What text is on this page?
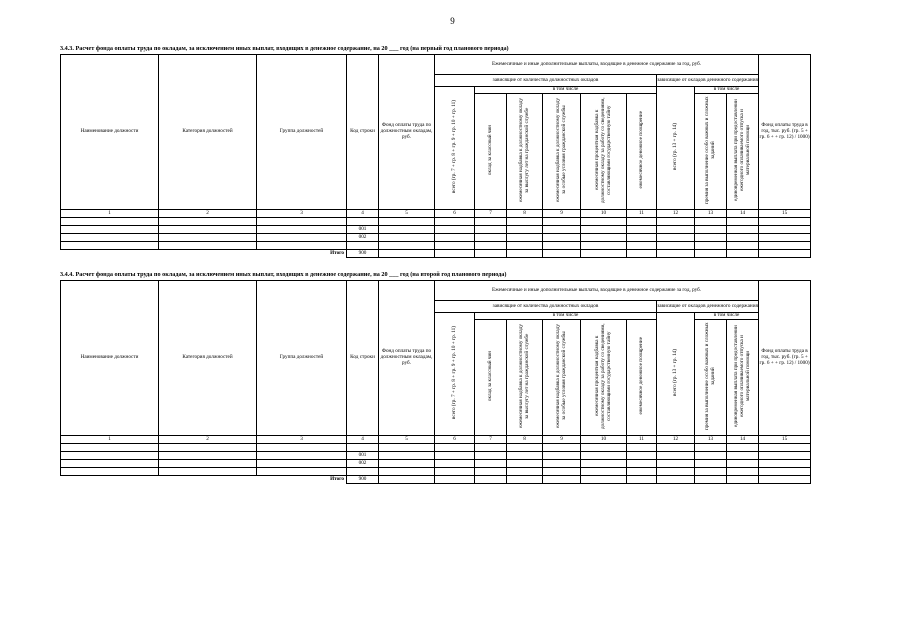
9
3.4.3. Расчет фонда оплаты труда по окладам, за исключением иных выплат, входящих в денежное содержание, на 20 ___ год (на первый год планового периода)
Наименование должности	Категория должностей	Группа должностей	Код строки	Фонд оплаты труда по должностным окладам, руб.	Ежемесячные и иные дополнительные выплаты, входящие в денежное содержание за год, руб.									Фонд оплаты труда в год, тыс. руб. (гр. 5 + гр. 6 + + гр. 12) / 1000)
					зависящие от количества должностных окладов						зависящие от окладов денежного содержания			
					всего (гр. 7 + гр. 8 + гр. 9 + гр. 10 + гр. 11)	в том числе					всего (гр. 13 + гр. 14)	в том числе		
						оклад за классный чин	ежемесячная надбавка к должностному окладу за выслугу лет на гражданской службе	ежемесячная надбавка к должностному окладу за особые условия гражданской службы	ежемесячная процентная надбавка к должностному окладу за работу со сведениями, составляющими государственную тайну	ежемесячное денежное поощрение		премия за выполнение особо важных и сложных заданий	единовременная выплата при предоставлении ежегодного оплачиваемого отпуска и материальной помощи	
1	2	3	4	5	6	7	8	9	10	11	12	13	14	15

			001											
			002											

Итого			900											
3.4.4. Расчет фонда оплаты труда по окладам, за исключением иных выплат, входящих в денежное содержание, на 20 ___ год (на второй год планового периода)
Наименование должности	Категория должностей	Группа должностей	Код строки	Фонд оплаты труда по должностным окладам, руб.	Ежемесячные и иные дополнительные выплаты, входящие в денежное содержание за год, руб.									Фонд оплаты труда в год, тыс. руб. (гр. 5 + гр. 6 + + гр. 12) / 1000)
					зависящие от количества должностных окладов						зависящие от окладов денежного содержания			
					всего (гр. 7 + гр. 8 + гр. 9 + гр. 10 + гр. 11)	в том числе					всего (гр. 13 + гр. 14)	в том числе		
						оклад за классный чин	ежемесячная надбавка к должностному окладу за выслугу лет на гражданской службе	ежемесячная надбавка к должностному окладу за особые условия гражданской службы	ежемесячная процентная надбавка к должностному окладу за работу со сведениями, составляющими государственную тайну	ежемесячное денежное поощрение		премия за выполнение особо важных и сложных заданий	единовременная выплата при предоставлении ежегодного оплачиваемого отпуска и материальной помощи	
1	2	3	4	5	6	7	8	9	10	11	12	13	14	15

			001											
			002											

Итого			900											
